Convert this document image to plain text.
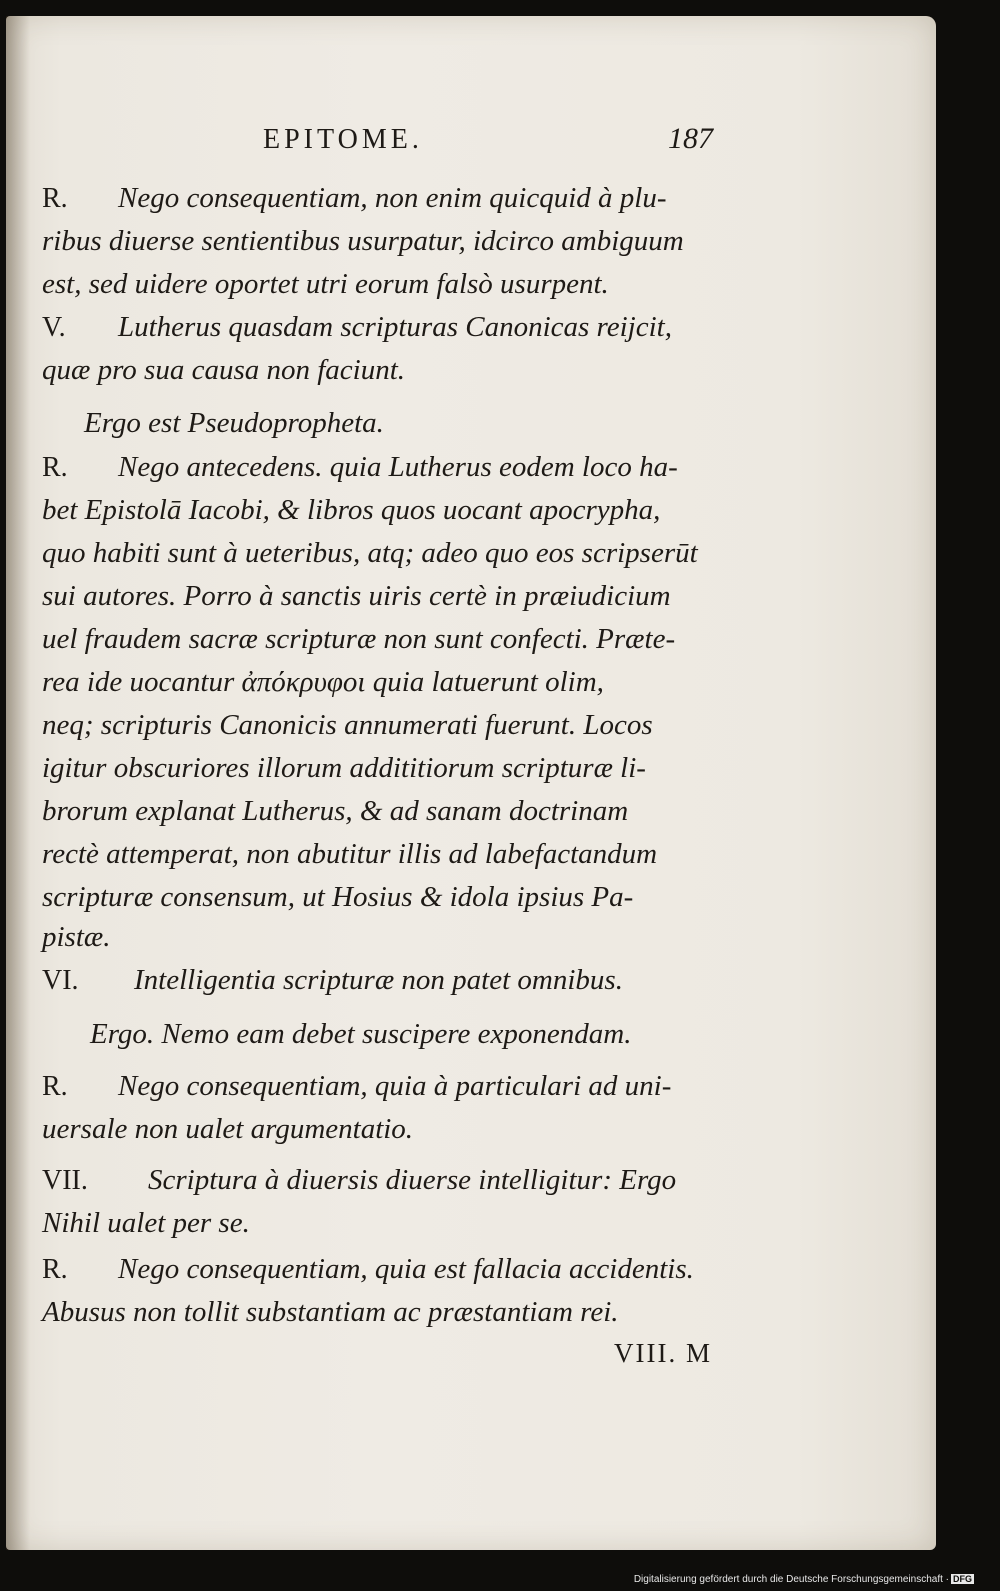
EPITOME.	187
R. Nego consequentiam, non enim quicquid à plu-
ribus diuerse sentientibus usurpatur, idcirco ambiguum
est, sed uidere oportet utri eorum falsò usurpent.
V. Lutherus quasdam scripturas Canonicas reijcit,
quæ pro sua causa non faciunt.
Ergo est Pseudopropheta.
R. Nego antecedens. quia Lutherus eodem loco ha-
bet Epistolā Iacobi, & libros quos uocant apocrypha,
quo habiti sunt à ueteribus, atq; adeo quo eos scripserūt
sui autores. Porro à sanctis uiris certè in præiudicium
uel fraudem sacræ scripturæ non sunt confecti. Præte-
rea ide uocantur ἀπόκρυφοι quia latuerunt olim,
neq; scripturis Canonicis annumerati fuerunt. Locos
igitur obscuriores illorum addititiorum scripturæ li-
brorum explanat Lutherus, & ad sanam doctrinam
rectè attemperat, non abutitur illis ad labefactandum
scripturæ consensum, ut Hosius & idola ipsius Pa-
pistæ.
VI. Intelligentia scripturæ non patet omnibus.
Ergo. Nemo eam debet suscipere exponendam.
R. Nego consequentiam, quia à particulari ad uni-
uersale non ualet argumentatio.
VII. Scriptura à diuersis diuerse intelligitur: Ergo
Nihil ualet per se.
R. Nego consequentiam, quia est fallacia accidentis.
Abusus non tollit substantiam ac præstantiam rei.
VIII. M
Digitalisierung gefördert durch die Deutsche Forschungsgemeinschaft · DFG
